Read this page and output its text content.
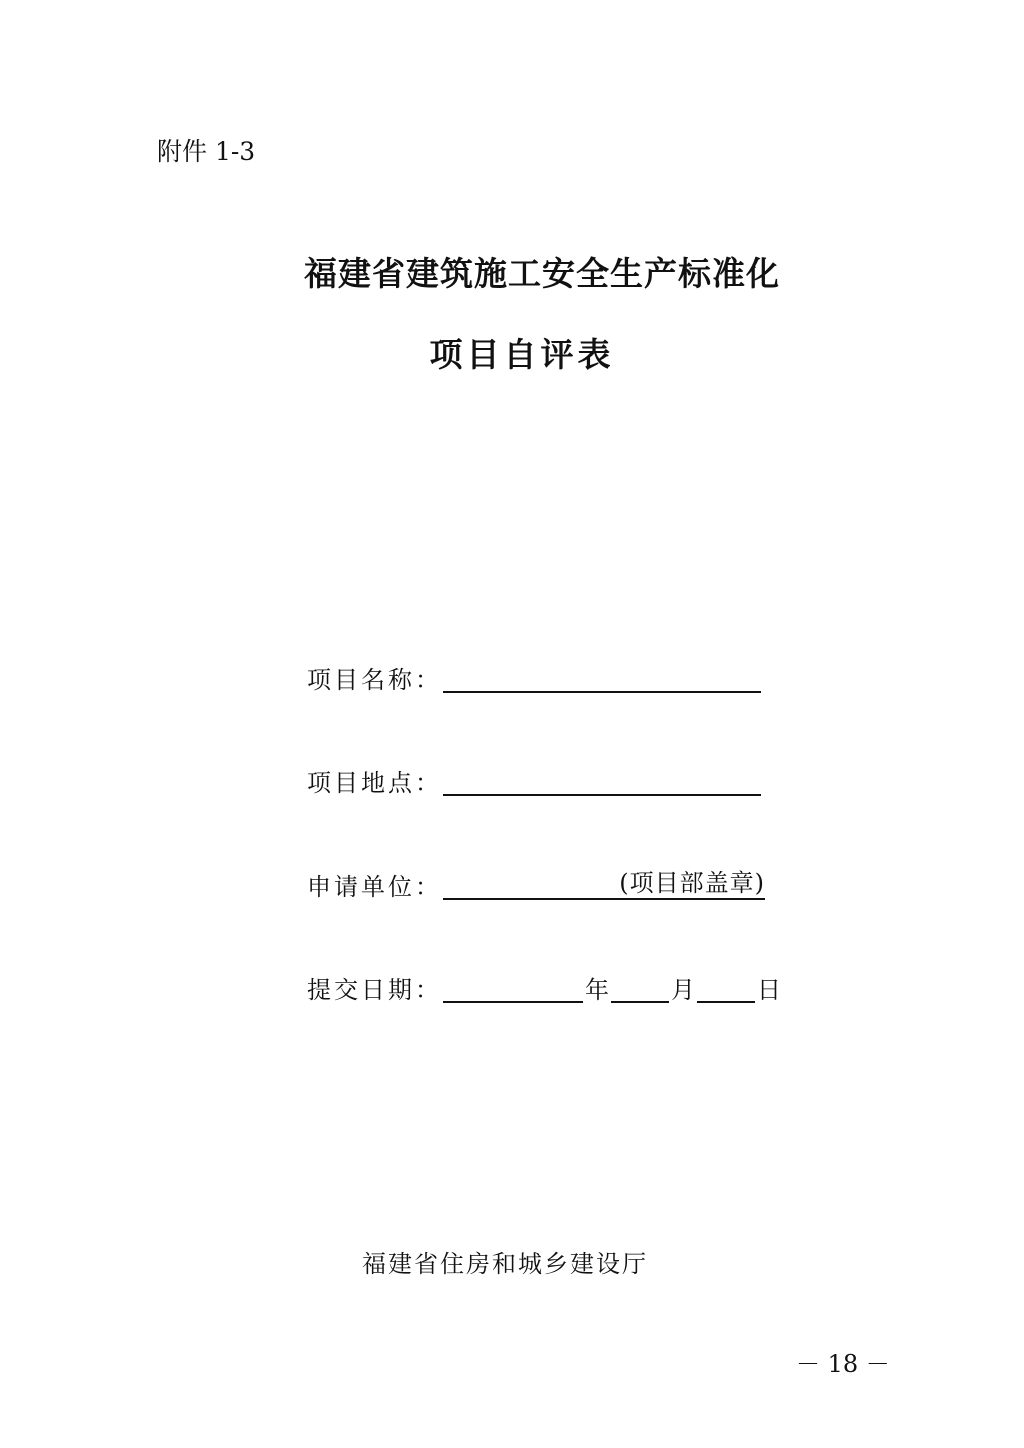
附件 1-3
福建省建筑施工安全生产标准化
项目自评表
项目名称：
项目地点：
申请单位：	(项目部盖章)
提交日期：	年	月	日
福建省住房和城乡建设厅
－ 18 －
